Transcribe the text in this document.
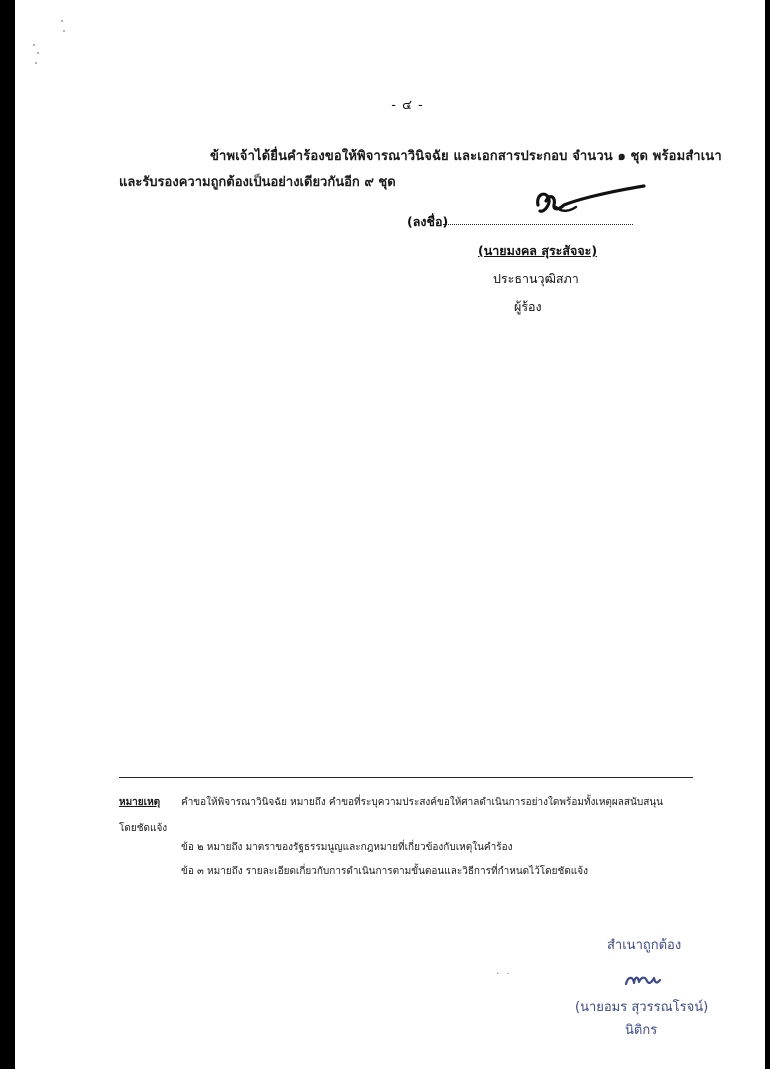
- ๔ -
ข้าพเจ้าได้ยื่นคำร้องขอให้พิจารณาวินิจฉัย และเอกสารประกอบ จำนวน ๑ ชุด พร้อมสำเนา
และรับรองความถูกต้องเป็นอย่างเดียวกันอีก ๙ ชุด
(ลงชื่อ)
(นายมงคล สุระสัจจะ)
ประธานวุฒิสภา
ผู้ร้อง
หมายเหตุ คำขอให้พิจารณาวินิจฉัย หมายถึง คำขอที่ระบุความประสงค์ขอให้ศาลดำเนินการอย่างใดพร้อมทั้งเหตุผลสนับสนุน
โดยชัดแจ้ง
ข้อ ๒ หมายถึง มาตราของรัฐธรรมนูญและกฎหมายที่เกี่ยวข้องกับเหตุในคำร้อง
ข้อ ๓ หมายถึง รายละเอียดเกี่ยวกับการดำเนินการตามขั้นตอนและวิธีการที่กำหนดไว้โดยชัดแจ้ง
. .
สำเนาถูกต้อง
(นายอมร สุวรรณโรจน์)
นิติกร
